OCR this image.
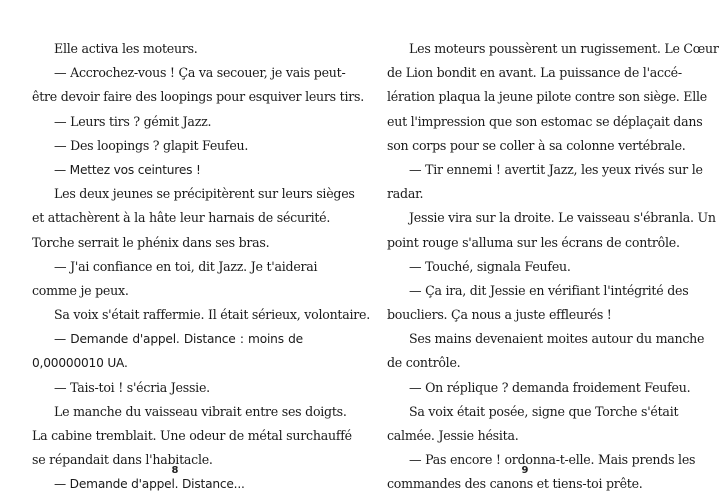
Elle activa les moteurs.
— Accrochez-vous ! Ça va secouer, je vais peut-
être devoir faire des loopings pour esquiver leurs tirs.
— Leurs tirs ? gémit Jazz.
— Des loopings ? glapit Feufeu.
— Mettez vos ceintures !
Les deux jeunes se précipitèrent sur leurs sièges
et attachèrent à la hâte leur harnais de sécurité.
Torche serrait le phénix dans ses bras.
— J'ai confiance en toi, dit Jazz. Je t'aiderai
comme je peux.
Sa voix s'était raffermie. Il était sérieux, volontaire.
— Demande d'appel. Distance : moins de
0,00000010 UA.
— Tais-toi ! s'écria Jessie.
Le manche du vaisseau vibrait entre ses doigts.
La cabine tremblait. Une odeur de métal surchauffé
se répandait dans l'habitacle.
— Demande d'appel. Distance...
8
Les moteurs poussèrent un rugissement. Le Cœur
de Lion bondit en avant. La puissance de l'accé-
lération plaqua la jeune pilote contre son siège. Elle
eut l'impression que son estomac se déplaçait dans
son corps pour se coller à sa colonne vertébrale.
— Tir ennemi ! avertit Jazz, les yeux rivés sur le
radar.
Jessie vira sur la droite. Le vaisseau s'ébranla. Un
point rouge s'alluma sur les écrans de contrôle.
— Touché, signala Feufeu.
— Ça ira, dit Jessie en vérifiant l'intégrité des
boucliers. Ça nous a juste effleurés !
Ses mains devenaient moites autour du manche
de contrôle.
— On réplique ? demanda froidement Feufeu.
Sa voix était posée, signe que Torche s'était
calmée. Jessie hésita.
— Pas encore ! ordonna-t-elle. Mais prends les
commandes des canons et tiens-toi prête.
9
